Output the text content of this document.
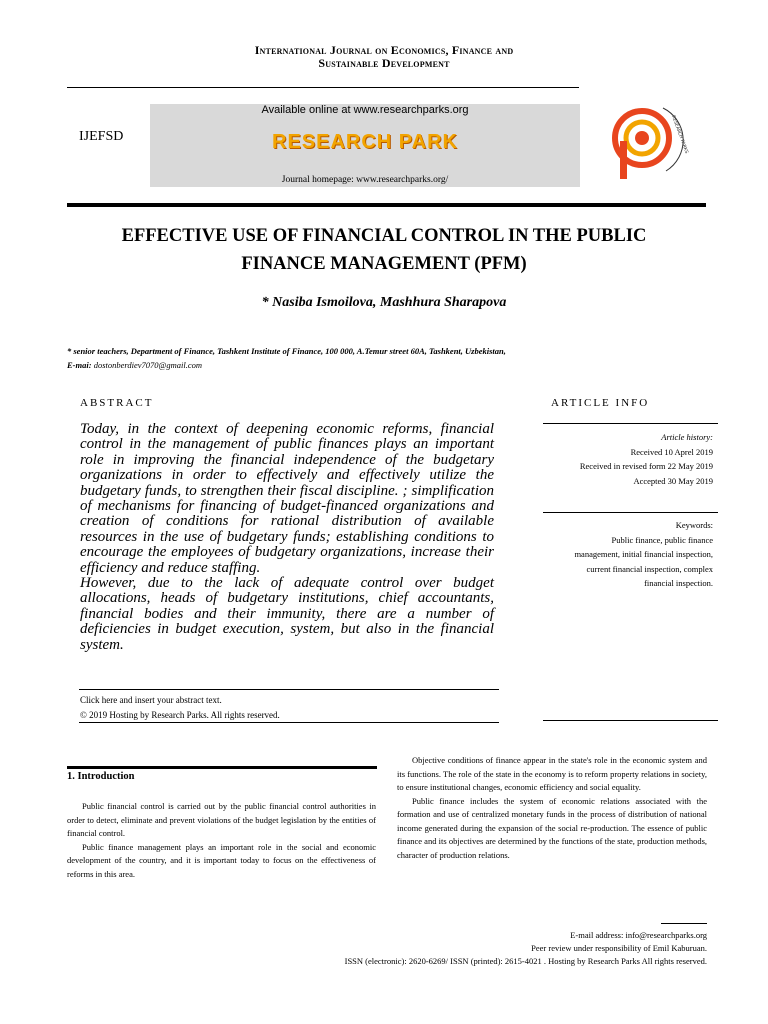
International Journal on Economics, Finance and
Sustainable Development
IJEFSD
Available online at www.researchparks.org
RESEARCH PARK
Journal homepage: www.researchparks.org/
RESEARCH PARKS
EFFECTIVE USE OF FINANCIAL CONTROL IN THE PUBLIC
FINANCE MANAGEMENT (PFM)
* Nasiba Ismoilova, Mashhura Sharapova
* senior teachers, Department of Finance, Tashkent Institute of Finance, 100 000, A.Temur street 60A, Tashkent, Uzbekistan,
E-mai: dostonberdiev7070@gmail.com
ABSTRACT	ARTICLE INFO

Today, in the context of deepening economic reforms, financial control in the management of public finances plays an important role in improving the financial independence of the budgetary organizations in order to effectively and effectively utilize the budgetary funds, to strengthen their fiscal discipline. ; simplification of mechanisms for financing of budget-financed organizations and creation of conditions for rational distribution of available resources in the use of budgetary funds; establishing conditions to encourage the employees of budgetary organizations, increase their efficiency and reduce staffing.

However, due to the lack of adequate control over budget allocations, heads of budgetary institutions, chief accountants, financial bodies and their immunity, there are a number of deficiencies in budget execution, system, but also in the financial system.

Article history:
Received 10 Aprel 2019
Received in revised form 22 May 2019
Accepted 30 May 2019
Keywords:
Public finance, public finance
management, initial financial inspection,
current financial inspection, complex
financial inspection.
Click here and insert your abstract text.
© 2019 Hosting by Research Parks. All rights reserved.
1. Introduction

Public financial control is carried out by the public financial control authorities in order to detect, eliminate and prevent violations of the budget legislation by the entities of financial control.

Public finance management plays an important role in the social and economic development of the country, and it is important today to focus on the effectiveness of reforms in this area.

Objective conditions of finance appear in the state's role in the economic system and its functions. The role of the state in the economy is to reform property relations in society, to ensure institutional changes, economic efficiency and social equality.

Public finance includes the system of economic relations associated with the formation and use of centralized monetary funds in the process of distribution of national income generated during the expansion of the social re-production. The essence of public finance and its objectives are determined by the functions of the state, production methods, character of production relations.

E-mail address: info@researchparks.org
Peer review under responsibility of Emil Kaburuan.
ISSN (electronic): 2620-6269/ ISSN (printed): 2615-4021 . Hosting by Research Parks All rights reserved.
